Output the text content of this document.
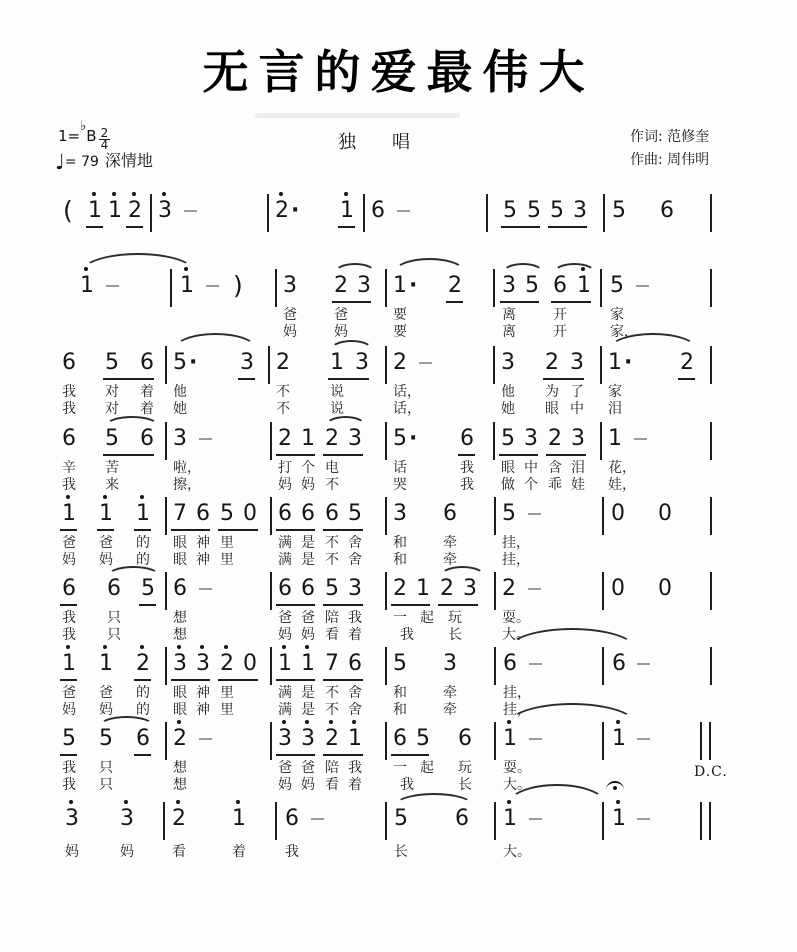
无言的爱最伟大
$1=^♭B \frac{2}{4}$
♩= 79 深情地
独　　唱	作词: 范修奎
作曲: 周伟明
( 1 1 2 3	2 · 1 6	5 5 5 3 5 6
1	1 ) 3 2 3 1 · 2 3 5 6 1 5
爸	爸	要	离	开	家
妈	妈	要	离	开	家，
6 5 6 5 · 3 2 1 3 2	3 2 3 1 · 2
我 对 着 他	不	说	话，	他 为 了 家
我 对 着 她	不	说	话，	她 眼 中 泪
6 5 6 3	2 1 2 3 5 · 6 5 3 2 3 1
辛 苦	啦，	打 个 电	话	我 眼 中 含 泪 花，
我 来	擦，	妈 妈 不	哭	我 做 个 乖 娃 娃，
1 1 1 7 6 5 0 6 6 6 5 3 6 5	0 0
爸 爸 的 眼 神 里	满 是 不 舍 和	牵	挂，
妈 妈 的 眼 神 里	满 是 不 舍 和	牵	挂，
6 6 5 6	6 6 5 3 2 1 2 3 2	0 0
我 只	想	爸 爸 陪 我 一 起 玩	耍。
我 只	想	妈 妈 看 着	我 长	大。
1 1 2 3 3 2 0 1 1 7 6 5 3 6	6
爸 爸 的 眼 神 里	满 是 不 舍 和	牵	挂，
妈 妈 的 眼 神 里	满 是 不 舍 和	牵	挂，
5 5 6 2	3 3 2 1 6 5 6 1	1
我 只	想	爸 爸 陪 我 一 起 玩 耍。
我 只	想	妈 妈 看 着	我	长 大。
D.C.
3 3 2 1 6	5 6 1	1
妈	妈	看	着	我	长	大。
